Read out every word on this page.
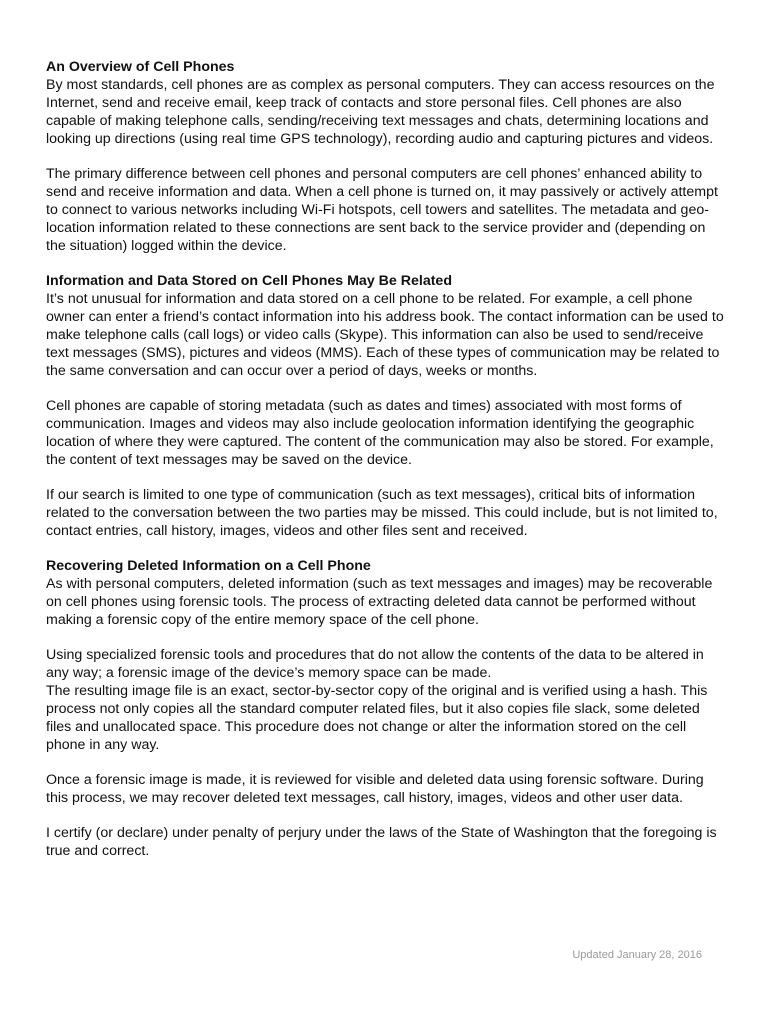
An Overview of Cell Phones

By most standards, cell phones are as complex as personal computers. They can access resources on the Internet, send and receive email, keep track of contacts and store personal files. Cell phones are also capable of making telephone calls, sending/receiving text messages and chats, determining locations and looking up directions (using real time GPS technology), recording audio and capturing pictures and videos.

The primary difference between cell phones and personal computers are cell phones’ enhanced ability to send and receive information and data. When a cell phone is turned on, it may passively or actively attempt to connect to various networks including Wi-Fi hotspots, cell towers and satellites. The metadata and geo-location information related to these connections are sent back to the service provider and (depending on the situation) logged within the device.

Information and Data Stored on Cell Phones May Be Related

It’s not unusual for information and data stored on a cell phone to be related. For example, a cell phone owner can enter a friend’s contact information into his address book. The contact information can be used to make telephone calls (call logs) or video calls (Skype). This information can also be used to send/receive text messages (SMS), pictures and videos (MMS). Each of these types of communication may be related to the same conversation and can occur over a period of days, weeks or months.

Cell phones are capable of storing metadata (such as dates and times) associated with most forms of communication. Images and videos may also include geolocation information identifying the geographic location of where they were captured. The content of the communication may also be stored. For example, the content of text messages may be saved on the device.

If our search is limited to one type of communication (such as text messages), critical bits of information related to the conversation between the two parties may be missed. This could include, but is not limited to, contact entries, call history, images, videos and other files sent and received.

Recovering Deleted Information on a Cell Phone

As with personal computers, deleted information (such as text messages and images) may be recoverable on cell phones using forensic tools. The process of extracting deleted data cannot be performed without making a forensic copy of the entire memory space of the cell phone.

Using specialized forensic tools and procedures that do not allow the contents of the data to be altered in any way; a forensic image of the device’s memory space can be made.

The resulting image file is an exact, sector-by-sector copy of the original and is verified using a hash. This process not only copies all the standard computer related files, but it also copies file slack, some deleted files and unallocated space. This procedure does not change or alter the information stored on the cell phone in any way.

Once a forensic image is made, it is reviewed for visible and deleted data using forensic software. During this process, we may recover deleted text messages, call history, images, videos and other user data.

I certify (or declare) under penalty of perjury under the laws of the State of Washington that the foregoing is true and correct.

Updated January 28, 2016
